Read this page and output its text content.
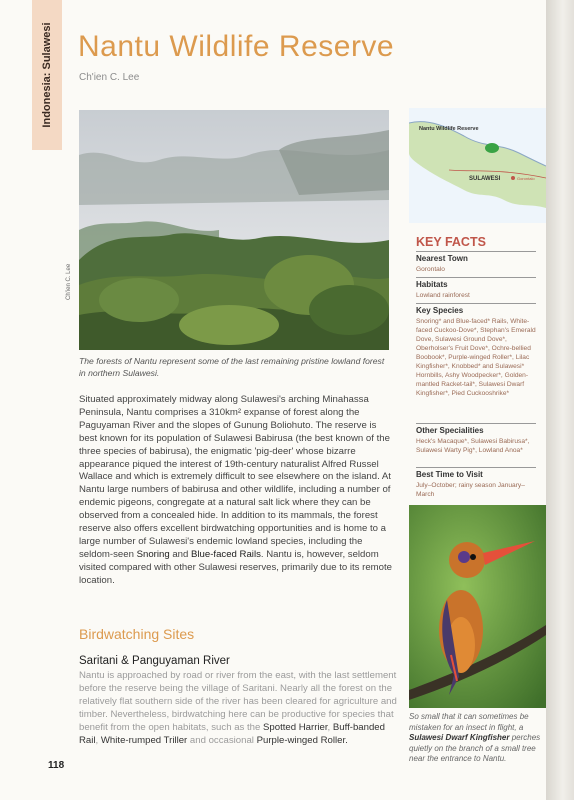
Indonesia: Sulawesi Nantu Wildlife Reserve
Ch'ien C. Lee
Ch'ien C. Lee
The forests of Nantu represent some of the last remaining pristine lowland forest in northern Sulawesi.

Situated approximately midway along Sulawesi's arching Minahassa Peninsula, Nantu comprises a 310km² expanse of forest along the Paguyaman River and the slopes of Gunung Boliohuto. The reserve is best known for its population of Sulawesi Babirusa (the best known of the three species of babirusa), the enigmatic 'pig-deer' whose bizarre appearance piqued the interest of 19th-century naturalist Alfred Russel Wallace and which is extremely difficult to see elsewhere on the island. At Nantu large numbers of babirusa and other wildlife, including a number of endemic pigeons, congregate at a natural salt lick where they can be observed from a concealed hide. In addition to its mammals, the forest reserve also offers excellent birdwatching opportunities and is home to a large number of Sulawesi's endemic lowland species, including the seldom-seen Snoring and Blue-faced Rails. Nantu is, however, seldom visited compared with other Sulawesi reserves, primarily due to its remote location.

Birdwatching Sites
Saritani & Panguyaman River
Nantu is approached by road or river from the east, with the last settlement before the reserve being the village of Saritani. Nearly all the forest on the relatively flat southern side of the river has been cleared for agriculture and timber. Nevertheless, birdwatching here can be productive for species that benefit from the open habitats, such as the Spotted Harrier, Buff-banded Rail, White-rumped Triller and occasional Purple-winged Roller.
118
Nantu Wildlife Reserve
SULAWESI	Gorontalo
KEY FACTS
Nearest Town
Gorontalo
Habitats
Lowland rainforest
Key Species
Snoring* and Blue-faced* Rails, White-faced Cuckoo-Dove*, Stephan's Emerald Dove, Sulawesi Ground Dove*, Oberholser's Fruit Dove*, Ochre-bellied Boobook*, Purple-winged Roller*, Lilac Kingfisher*, Knobbed* and Sulawesi* Hornbills, Ashy Woodpecker*, Golden-mantled Racket-tail*, Sulawesi Dwarf Kingfisher*, Pied Cuckooshrike*
Other Specialities
Heck's Macaque*, Sulawesi Babirusa*, Sulawesi Warty Pig*, Lowland Anoa*
Best Time to Visit
July–October; rainy season January–March
So small that it can sometimes be mistaken for an insect in flight, a Sulawesi Dwarf Kingfisher perches quietly on the branch of a small tree near the entrance to Nantu.
